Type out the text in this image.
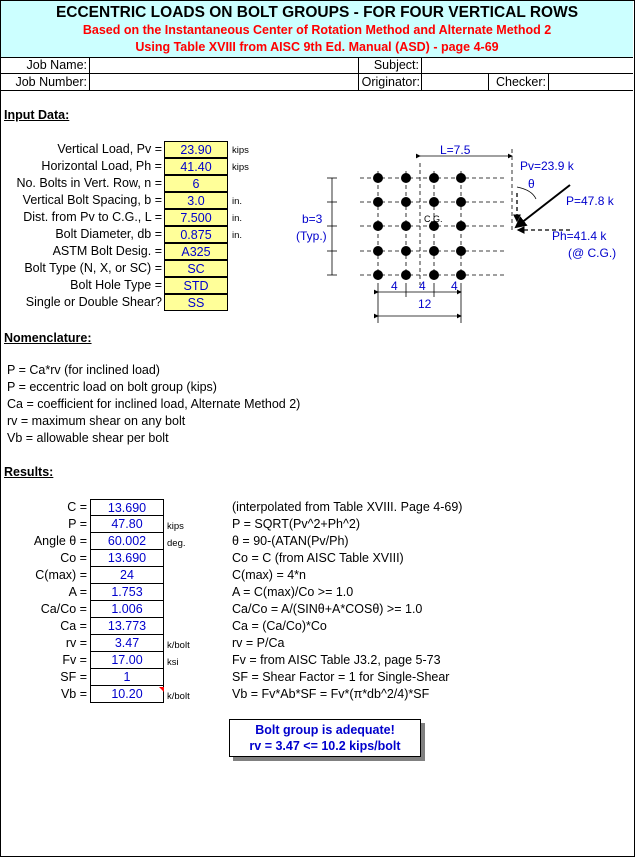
ECCENTRIC LOADS ON BOLT GROUPS - FOR FOUR VERTICAL ROWS
Based on the Instantaneous Center of Rotation Method and Alternate Method 2
Using Table XVIII from AISC 9th Ed. Manual (ASD) - page 4-69
Job Name:	Subject:
Job Number:	Originator:	Checker:
Input Data:
Vertical Load, Pv =	23.90	kips
Horizontal Load, Ph =	41.40	kips
No. Bolts in Vert. Row, n =	6
Vertical Bolt Spacing, b =	3.0	in.
Dist. from Pv to C.G., L =	7.500	in.
Bolt Diameter, db =	0.875	in.
ASTM Bolt Desig. =	A325
Bolt Type (N, X, or SC) =	SC
Bolt Hole Type =	STD
Single or Double Shear?	SS
L=7.5
Pv=23.9 k
θ
P=47.8 k
b=3
(Typ.)
C.G.
Ph=41.4 k
(@ C.G.)
4 4 4
12
Nomenclature:
P = Ca*rv (for inclined load)
P = eccentric load on bolt group (kips)
Ca = coefficient for inclined load, Alternate Method 2)
rv = maximum shear on any bolt
Vb = allowable shear per bolt
Results:
C =	13.690	(interpolated from Table XVIII. Page 4-69)
P =	47.80	kips	P = SQRT(Pv^2+Ph^2)
Angle θ =	60.002	deg.	θ = 90-(ATAN(Pv/Ph)
Co =	13.690	Co = C (from AISC Table XVIII)
C(max) =	24	C(max) = 4*n
A =	1.753	A = C(max)/Co >= 1.0
Ca/Co =	1.006	Ca/Co = A/(SINθ+A*COSθ) >= 1.0
Ca =	13.773	Ca = (Ca/Co)*Co
rv =	3.47	k/bolt	rv = P/Ca
Fv =	17.00	ksi	Fv = from AISC Table J3.2, page 5-73
SF =	1	SF = Shear Factor = 1 for Single-Shear
Vb =	10.20	k/bolt	Vb = Fv*Ab*SF = Fv*(π*db^2/4)*SF
Bolt group is adequate!
rv = 3.47 <= 10.2 kips/bolt
